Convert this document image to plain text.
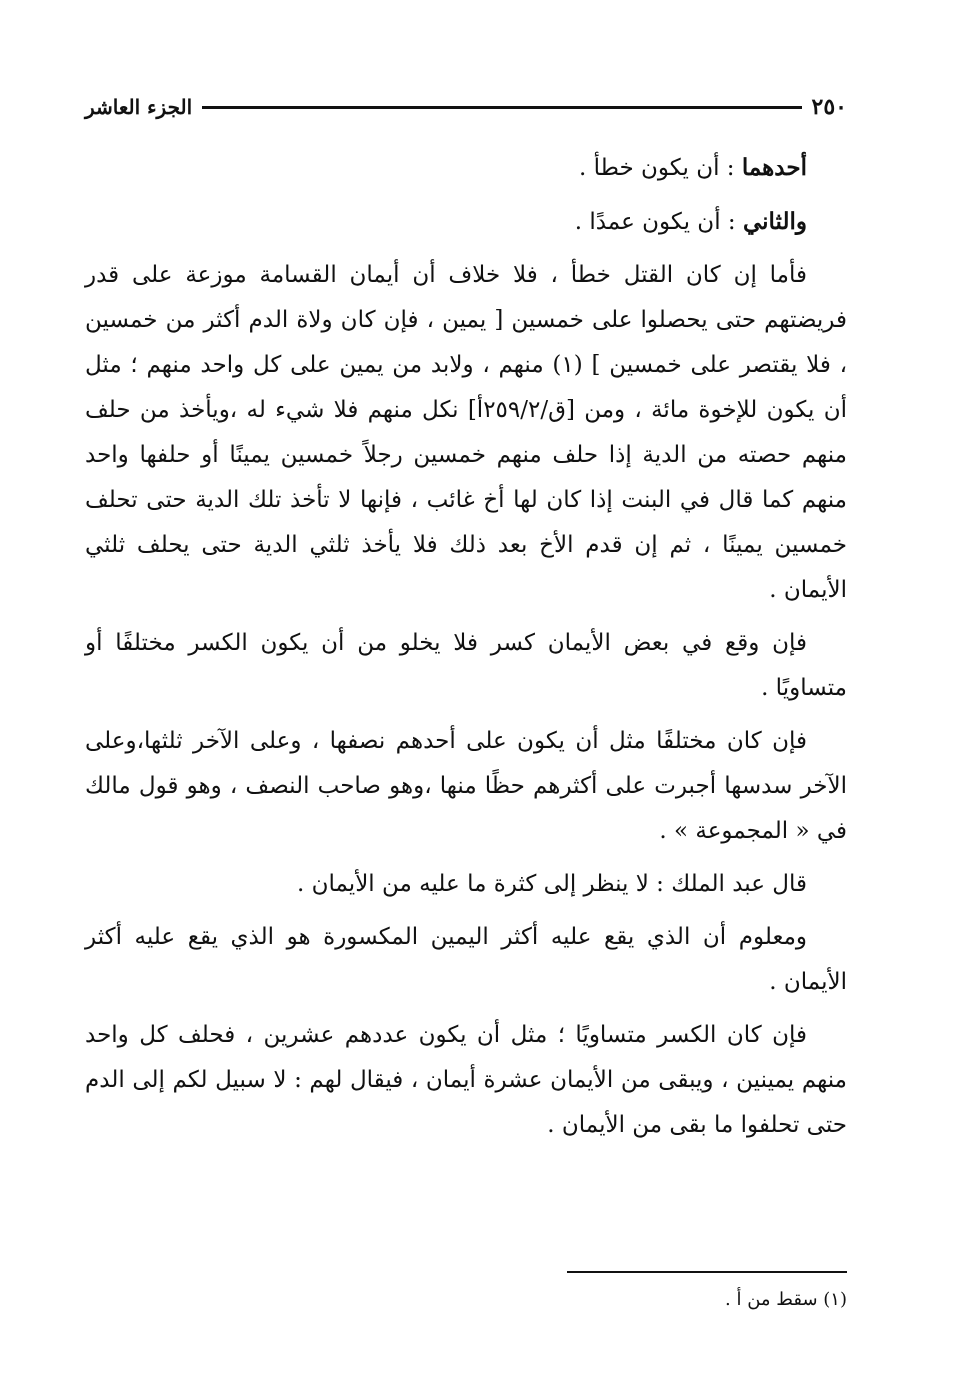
٢٥٠
الجزء العاشر

أحدهما : أن يكون خطأ .

والثاني : أن يكون عمدًا .

فأما إن كان القتل خطأ ، فلا خلاف أن أيمان القسامة موزعة على قدر فريضتهم حتى يحصلوا على خمسين [ يمين ، فإن كان ولاة الدم أكثر من خمسين ، فلا يقتصر على خمسين ] (١) منهم ، ولابد من يمين على كل واحد منهم ؛ مثل أن يكون للإخوة مائة ، ومن [ق/٢٥٩/٢أ] نكل منهم فلا شيء له ،ويأخذ من حلف منهم حصته من الدية إذا حلف منهم خمسين رجلاً خمسين يمينًا أو حلفها واحد منهم كما قال في البنت إذا كان لها أخ غائب ، فإنها لا تأخذ تلك الدية حتى تحلف خمسين يمينًا ، ثم إن قدم الأخ بعد ذلك فلا يأخذ ثلثي الدية حتى يحلف ثلثي الأيمان .

فإن وقع في بعض الأيمان كسر فلا يخلو من أن يكون الكسر مختلفًا أو متساويًا .

فإن كان مختلفًا مثل أن يكون على أحدهم نصفها ، وعلى الآخر ثلثها،وعلى الآخر سدسها أجبرت على أكثرهم حظًا منها ،وهو صاحب النصف ، وهو قول مالك في « المجموعة » .

قال عبد الملك : لا ينظر إلى كثرة ما عليه من الأيمان .

ومعلوم أن الذي يقع عليه أكثر اليمين المكسورة هو الذي يقع عليه أكثر الأيمان .

فإن كان الكسر متساويًا ؛ مثل أن يكون عددهم عشرين ، فحلف كل واحد منهم يمينين ، ويبقى من الأيمان عشرة أيمان ، فيقال لهم : لا سبيل لكم إلى الدم حتى تحلفوا ما بقى من الأيمان .

(١) سقط من أ .
